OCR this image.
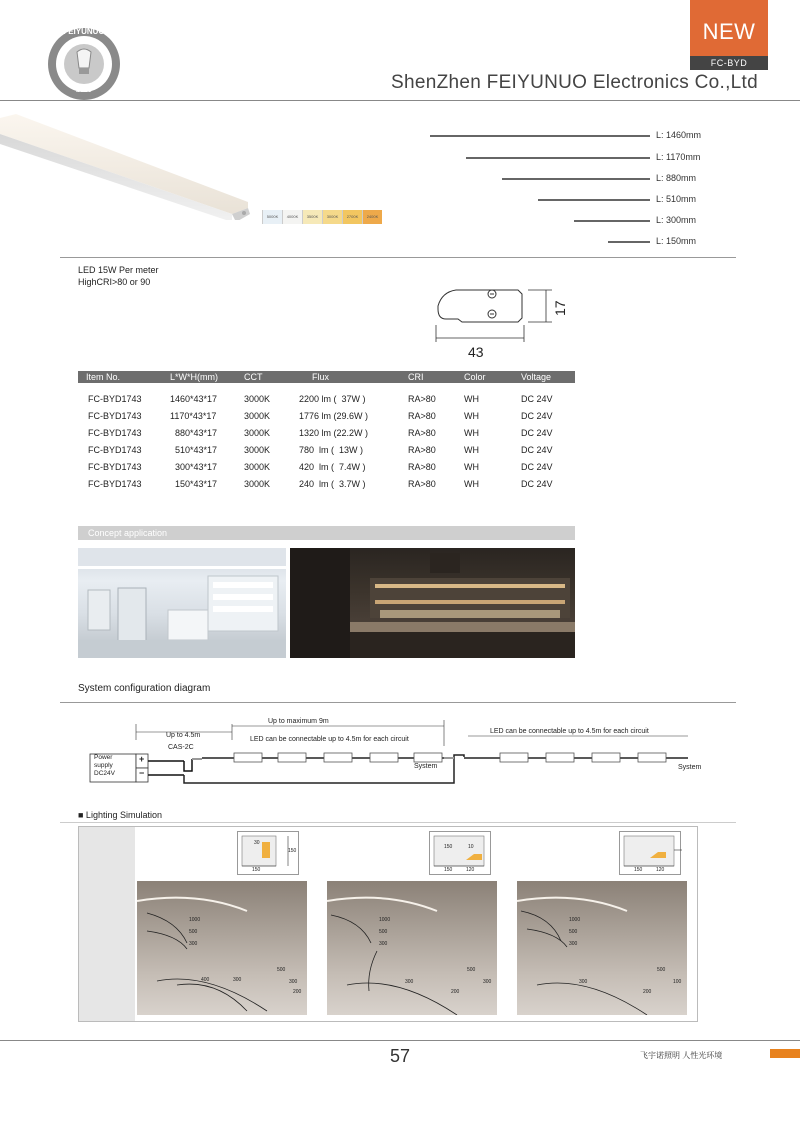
FEIYUNUO
2013
NEW
FC-BYD
ShenZhen FEIYUNUO Electronics Co.,Ltd
5000K	4000K	3500K	3000K	2700K	2400K
L: 1460mm
L: 1170mm
L: 880mm
L: 510mm
L: 300mm
L: 150mm
LED 15W Per meter
HighCRI>80 or 90
43
17
Item No.	L*W*H(mm)	CCT	Flux	CRI	Color	Voltage
FC-BYD1743	1460*43*17	3000K	2200 lm (  37W )	RA>80	WH	DC 24V
FC-BYD1743	1170*43*17	3000K	1776 lm (29.6W )	RA>80	WH	DC 24V
FC-BYD1743	880*43*17	3000K	1320 lm (22.2W )	RA>80	WH	DC 24V
FC-BYD1743	510*43*17	3000K	780  lm (  13W )	RA>80	WH	DC 24V
FC-BYD1743	300*43*17	3000K	420  lm (  7.4W )	RA>80	WH	DC 24V
FC-BYD1743	150*43*17	3000K	240  lm (  3.7W )	RA>80	WH	DC 24V
Concept application
System configuration diagram
Up to 4.5m
CAS-2C
Up to maximum 9m
LED can be connectable up to 4.5m for each circuit
LED can be connectable up to 4.5m for each circuit
System	System
Power
supply
DC24V
+
−
■ Lighting Simulation
30
150
150
1000
500
300
400	300
500
300
200
150	10
150	120
1000
500
300
300
200
500
300
150	120
1000
500
300
300
200
500
100
57	飞宇诺照明 人性光环境
